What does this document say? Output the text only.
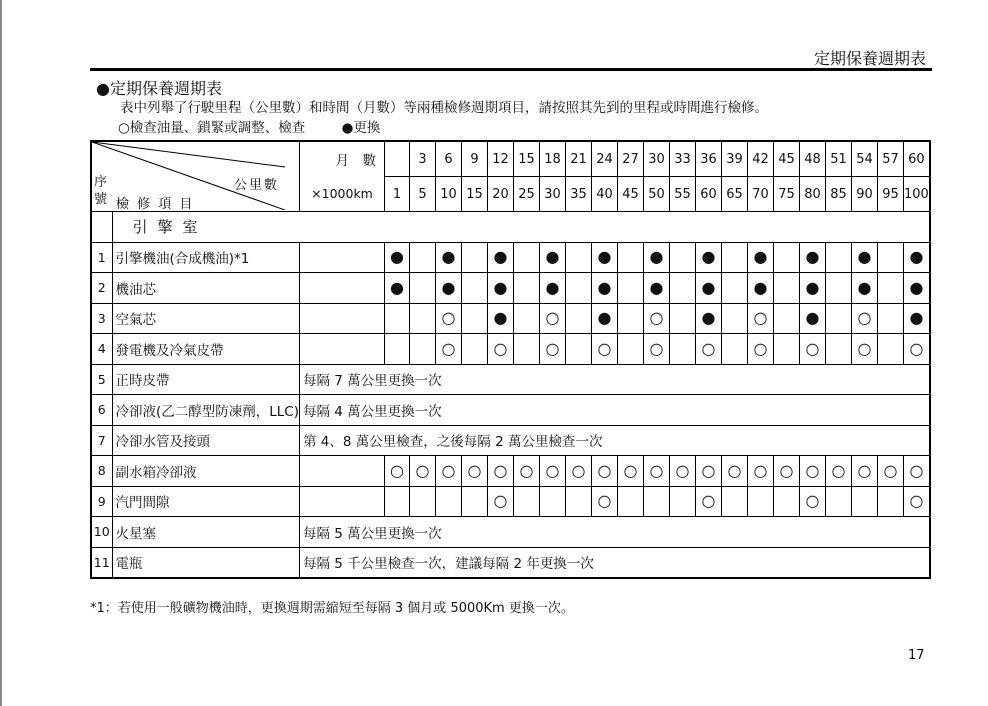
定期保養週期表
●定期保養週期表
表中列舉了行駛里程（公里數）和時間（月數）等兩種檢修週期項目，請按照其先到的里程或時間進行檢修。
○檢查油量、鎖緊或調整、檢查	●更換
序號 檢 修 項 目
公里數		月　數		3	6	9	12	15	18	21	24	27	30	33	36	39	42	45	48	51	54	57	60
		×1000km	1	5	10	15	20	25	30	35	40	45	50	55	60	65	70	75	80	85	90	95	100
	引擎室																						
1	引擎機油(合成機油)*1		●		●		●		●		●		●		●		●		●		●		●
2	機油芯		●		●		●		●		●		●		●		●		●		●		●
3	空氣芯				○		●		○		●		○		●		○		●		○		●
4	發電機及冷氣皮帶				○		○		○		○		○		○		○		○		○		○
5	正時皮帶	每隔 7 萬公里更換一次																					
6	冷卻液(乙二醇型防凍劑，LLC)	每隔 4 萬公里更換一次																					
7	冷卻水管及接頭	第 4、8 萬公里檢查，之後每隔 2 萬公里檢查一次																					
8	副水箱冷卻液		○	○	○	○	○	○	○	○	○	○	○	○	○	○	○	○	○	○	○	○	○
9	汽門間隙						○				○				○				○				○
10	火星塞	每隔 5 萬公里更換一次																					
11	電瓶	每隔 5 千公里檢查一次，建議每隔 2 年更換一次																					
*1：若使用一般礦物機油時，更換週期需縮短至每隔 3 個月或 5000Km 更換一次。
17
